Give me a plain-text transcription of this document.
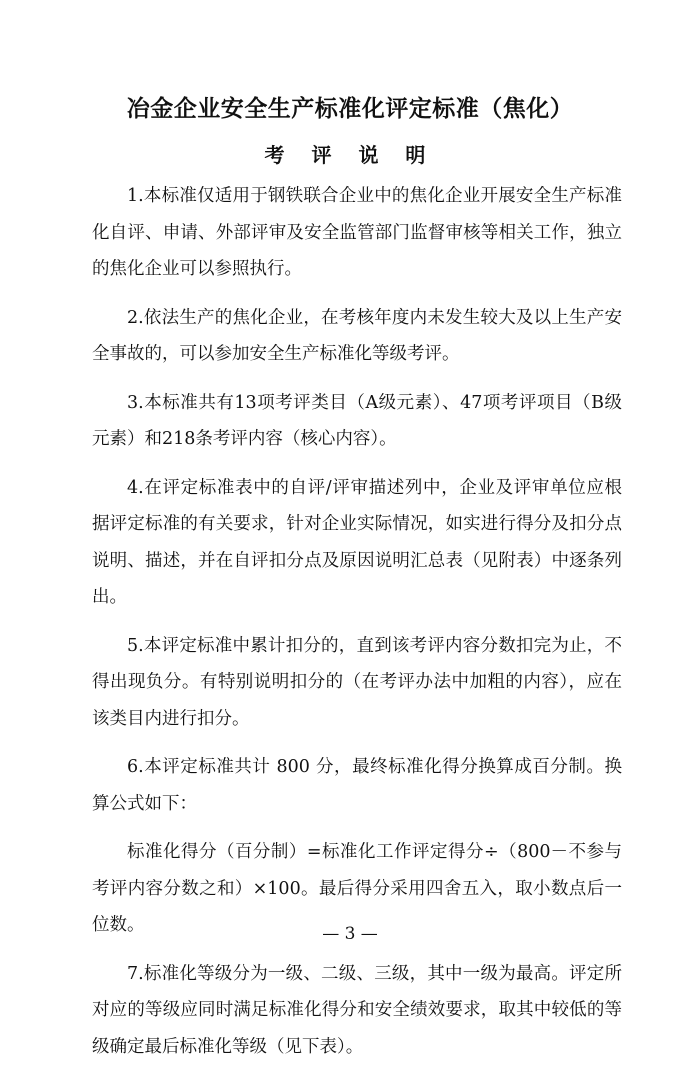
冶金企业安全生产标准化评定标准（焦化）
考 评 说 明

1.本标准仅适用于钢铁联合企业中的焦化企业开展安全生产标准化自评、申请、外部评审及安全监管部门监督审核等相关工作，独立的焦化企业可以参照执行。

2.依法生产的焦化企业，在考核年度内未发生较大及以上生产安全事故的，可以参加安全生产标准化等级考评。

3.本标准共有13项考评类目（A级元素）、47项考评项目（B级元素）和218条考评内容（核心内容）。

4.在评定标准表中的自评/评审描述列中，企业及评审单位应根据评定标准的有关要求，针对企业实际情况，如实进行得分及扣分点说明、描述，并在自评扣分点及原因说明汇总表（见附表）中逐条列出。

5.本评定标准中累计扣分的，直到该考评内容分数扣完为止，不得出现负分。有特别说明扣分的（在考评办法中加粗的内容），应在该类目内进行扣分。

6.本评定标准共计 800 分，最终标准化得分换算成百分制。换算公式如下：

标准化得分（百分制）=标准化工作评定得分÷（800－不参与考评内容分数之和）×100。最后得分采用四舍五入，取小数点后一位数。

7.标准化等级分为一级、二级、三级，其中一级为最高。评定所对应的等级应同时满足标准化得分和安全绩效要求，取其中较低的等级确定最后标准化等级（见下表）。

— 3 —
